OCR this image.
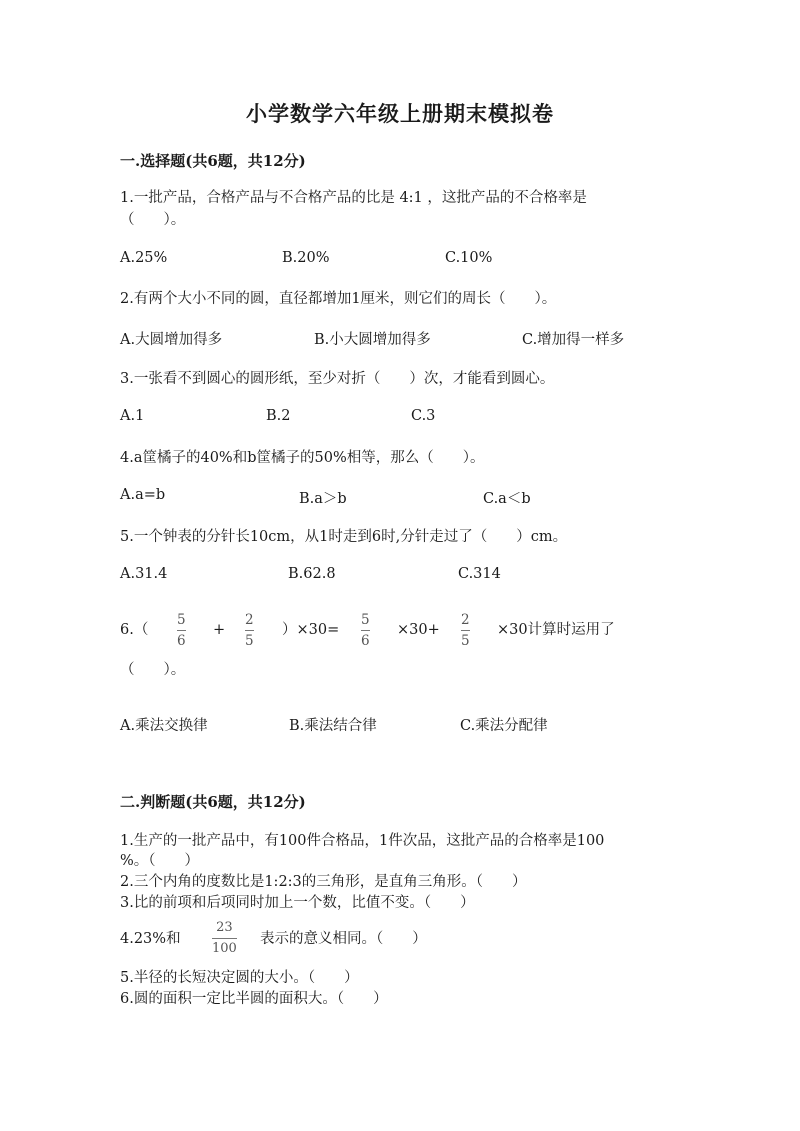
小学数学六年级上册期末模拟卷
一.选择题(共6题，共12分)
1.一批产品，合格产品与不合格产品的比是 4:1 ，这批产品的不合格率是
（　　）。
A.25%	B.20%	C.10%
2.有两个大小不同的圆，直径都增加1厘米，则它们的周长（　　）。
A.大圆增加得多	B.小大圆增加得多	C.增加得一样多
3.一张看不到圆心的圆形纸，至少对折（　　）次，才能看到圆心。
A.1	B.2	C.3
4.a筐橘子的40%和b筐橘子的50%相等，那么（　　）。
A.a=b	B.a＞b	C.a＜b
5.一个钟表的分针长10cm，从1时走到6时,分针走过了（　　）cm。
A.31.4	B.62.8	C.314
6.（
5
6
+
2
5
）×30=
5
6
×30+
2
5
×30计算时运用了
（　　）。
A.乘法交换律	B.乘法结合律	C.乘法分配律
二.判断题(共6题，共12分)
1.生产的一批产品中，有100件合格品，1件次品，这批产品的合格率是100
%。（　　）
2.三个内角的度数比是1:2:3的三角形，是直角三角形。（　　）
3.比的前项和后项同时加上一个数，比值不变。（　　）
4.23%和
23
100
表示的意义相同。（　　）
5.半径的长短决定圆的大小。（　　）
6.圆的面积一定比半圆的面积大。（　　）
